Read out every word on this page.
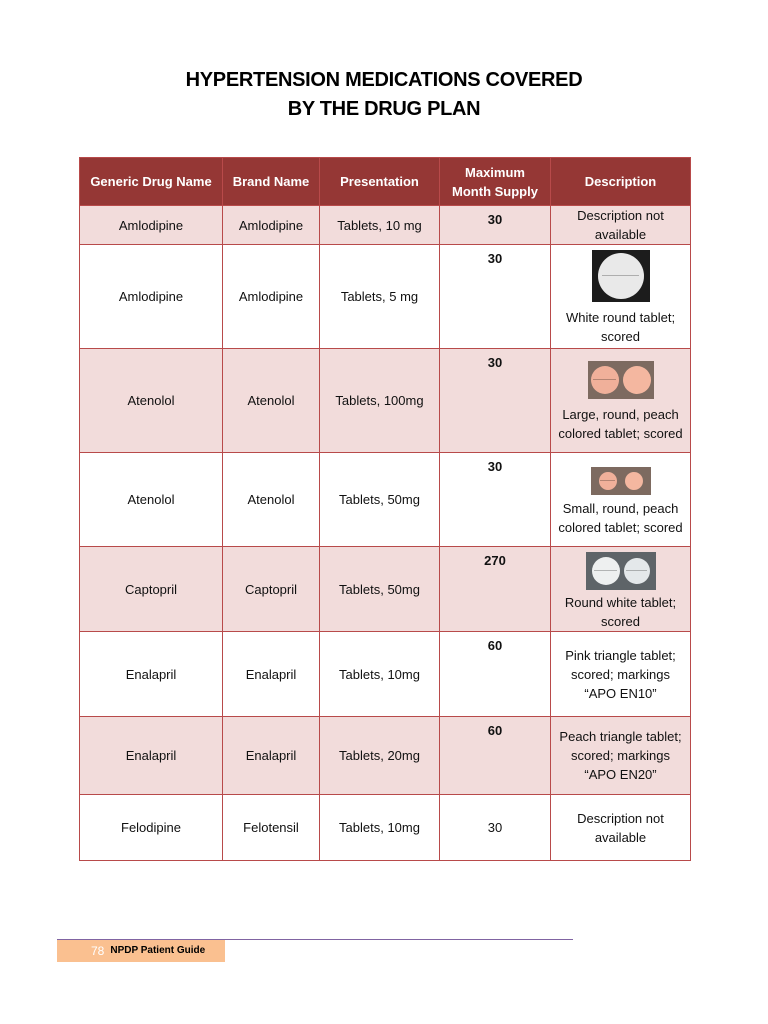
HYPERTENSION MEDICATIONS COVERED
BY THE DRUG PLAN
Generic Drug Name	Brand Name	Presentation	Maximum Month Supply	Description
Amlodipine	Amlodipine	Tablets, 10 mg	30	Description not available
Amlodipine	Amlodipine	Tablets, 5 mg	30	White round tablet; scored

Atenolol	Atenolol	Tablets, 100mg	30	Large, round, peach colored tablet; scored

Atenolol	Atenolol	Tablets, 50mg	30	Small, round, peach colored tablet; scored

Captopril	Captopril	Tablets, 50mg	270	Round white tablet; scored

Enalapril	Enalapril	Tablets, 10mg	60	Pink triangle tablet; scored; markings “APO EN10”
Enalapril	Enalapril	Tablets, 20mg	60	Peach triangle tablet; scored; markings “APO EN20”
Felodipine	Felotensil	Tablets, 10mg	30	Description not available
78 NPDP Patient Guide
